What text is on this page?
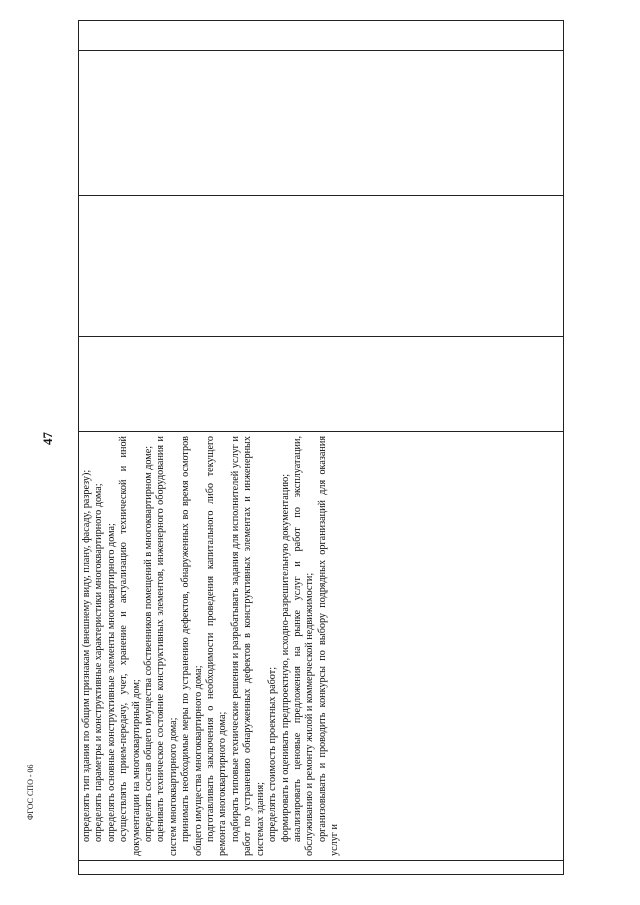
47
ФГОС СПО - 06
		определять тип здания по общим признакам (внешнему виду, плану, фасаду, разрезу); определять параметры и конструктивные характеристики многоквартирного дома; определять основные конструктивные элементы многоквартирного дома; осуществлять прием-передачу, учет, хранение и актуализацию технической и иной документации на многоквартирный дом; определять состав общего имущества собственников помещений в многоквартирном доме; оценивать техническое состояние конструктивных элементов, инженерного оборудования и систем многоквартирного дома; принимать необходимые меры по устранению дефектов, обнаруженных во время осмотров общего имущества многоквартирного дома; подготавливать заключения о необходимости проведения капитального либо текущего ремонта многоквартирного дома; подбирать типовые технические решения и разрабатывать задания для исполнителей услуг и работ по устранению обнаруженных дефектов в конструктивных элементах и инженерных системах здания; определять стоимость проектных работ; формировать и оценивать предпроектную, исходно-разрешительную документацию; анализировать ценовые предложения на рынке услуг и работ по эксплуатации, обслуживанию и ремонту жилой и коммерческой недвижимости; организовывать и проводить конкурсы по выбору подрядных организаций для оказания услуг и
